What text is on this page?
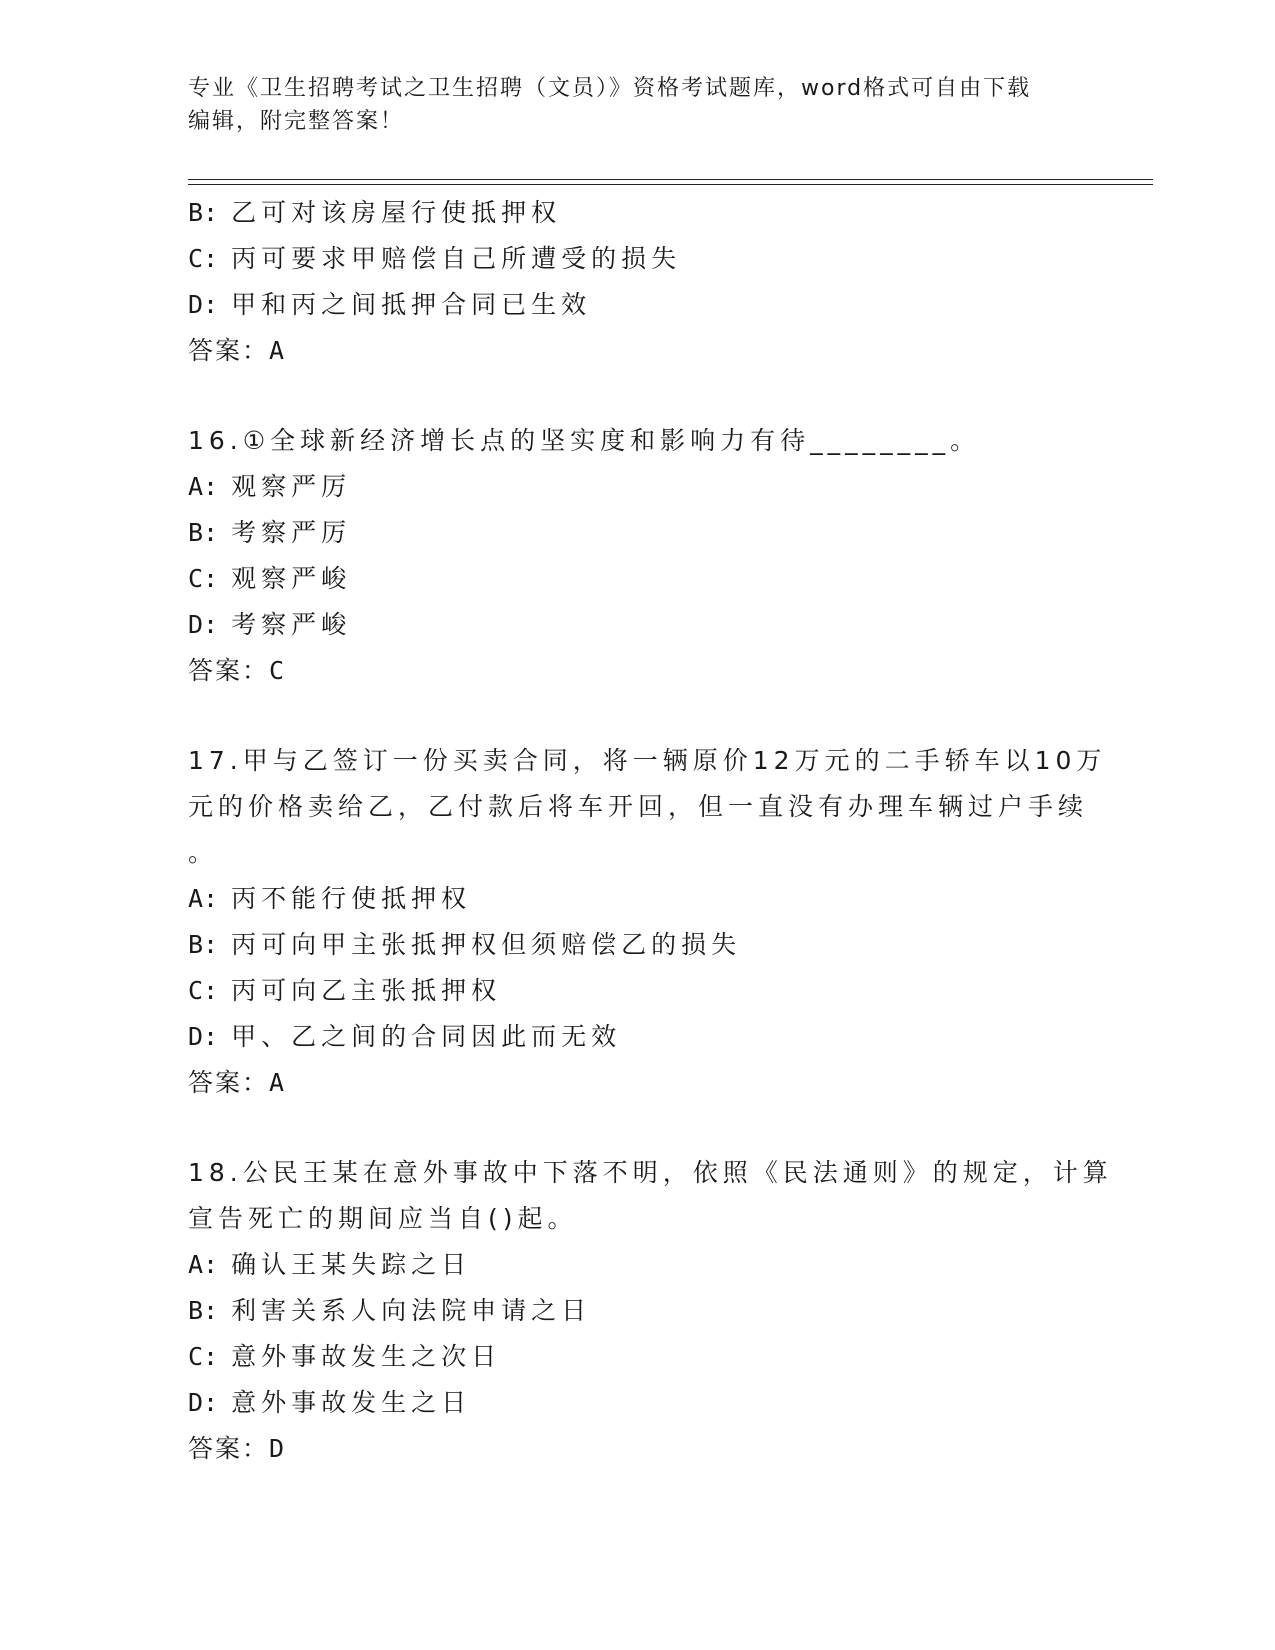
专业《卫生招聘考试之卫生招聘（文员）》资格考试题库，word格式可自由下载
编辑，附完整答案！
B: 乙可对该房屋行使抵押权
C: 丙可要求甲赔偿自己所遭受的损失
D: 甲和丙之间抵押合同已生效
答案：A
16.①全球新经济增长点的坚实度和影响力有待________。
A: 观察严厉
B: 考察严厉
C: 观察严峻
D: 考察严峻
答案：C
17.甲与乙签订一份买卖合同，将一辆原价12万元的二手轿车以10万
元的价格卖给乙，乙付款后将车开回，但一直没有办理车辆过户手续
。
A: 丙不能行使抵押权
B: 丙可向甲主张抵押权但须赔偿乙的损失
C: 丙可向乙主张抵押权
D: 甲、乙之间的合同因此而无效
答案：A
18.公民王某在意外事故中下落不明，依照《民法通则》的规定，计算
宣告死亡的期间应当自()起。
A: 确认王某失踪之日
B: 利害关系人向法院申请之日
C: 意外事故发生之次日
D: 意外事故发生之日
答案：D
